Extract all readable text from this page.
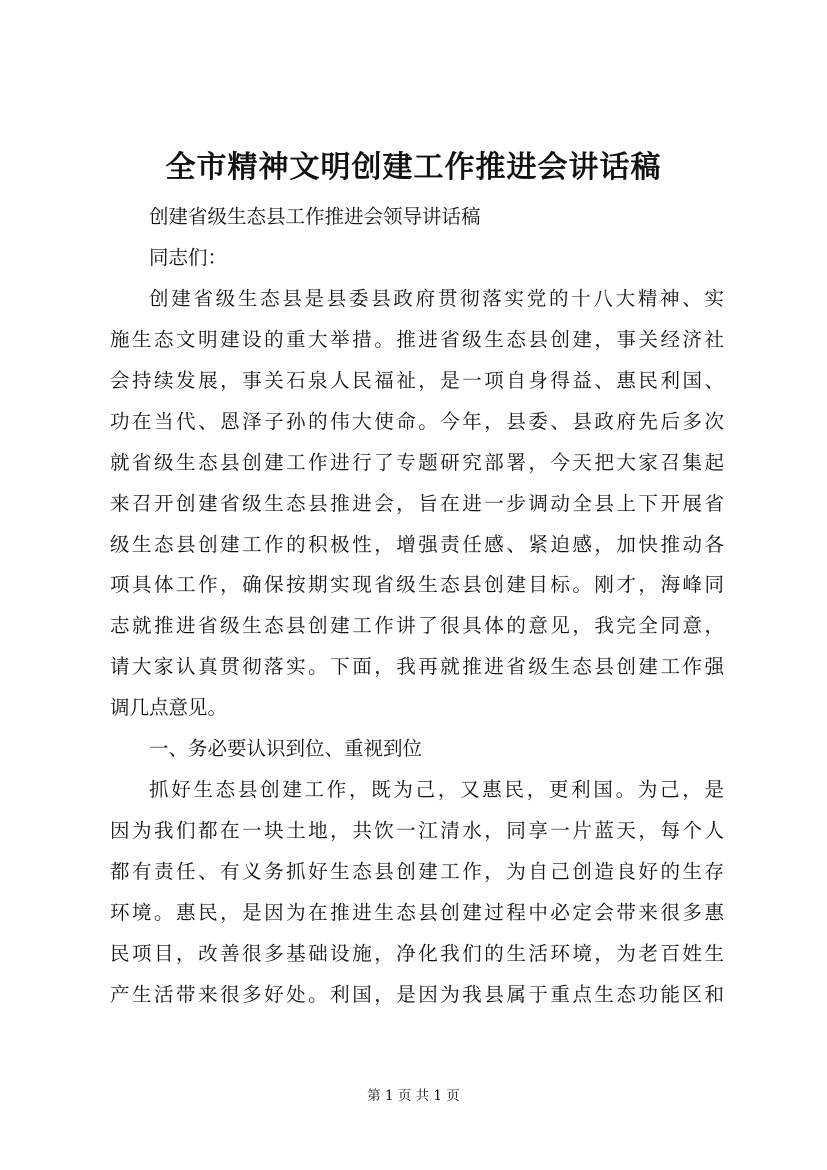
全市精神文明创建工作推进会讲话稿
创建省级生态县工作推进会领导讲话稿
同志们：
创建省级生态县是县委县政府贯彻落实党的十八大精神、实
施生态文明建设的重大举措。推进省级生态县创建，事关经济社
会持续发展，事关石泉人民福祉，是一项自身得益、惠民利国、
功在当代、恩泽子孙的伟大使命。今年，县委、县政府先后多次
就省级生态县创建工作进行了专题研究部署，今天把大家召集起
来召开创建省级生态县推进会，旨在进一步调动全县上下开展省
级生态县创建工作的积极性，增强责任感、紧迫感，加快推动各
项具体工作，确保按期实现省级生态县创建目标。刚才，海峰同
志就推进省级生态县创建工作讲了很具体的意见，我完全同意，
请大家认真贯彻落实。下面，我再就推进省级生态县创建工作强
调几点意见。
一、务必要认识到位、重视到位
抓好生态县创建工作，既为己，又惠民，更利国。为己，是
因为我们都在一块土地，共饮一江清水，同享一片蓝天，每个人
都有责任、有义务抓好生态县创建工作，为自己创造良好的生存
环境。惠民，是因为在推进生态县创建过程中必定会带来很多惠
民项目，改善很多基础设施，净化我们的生活环境，为老百姓生
产生活带来很多好处。利国，是因为我县属于重点生态功能区和
第 1 页 共 1 页
